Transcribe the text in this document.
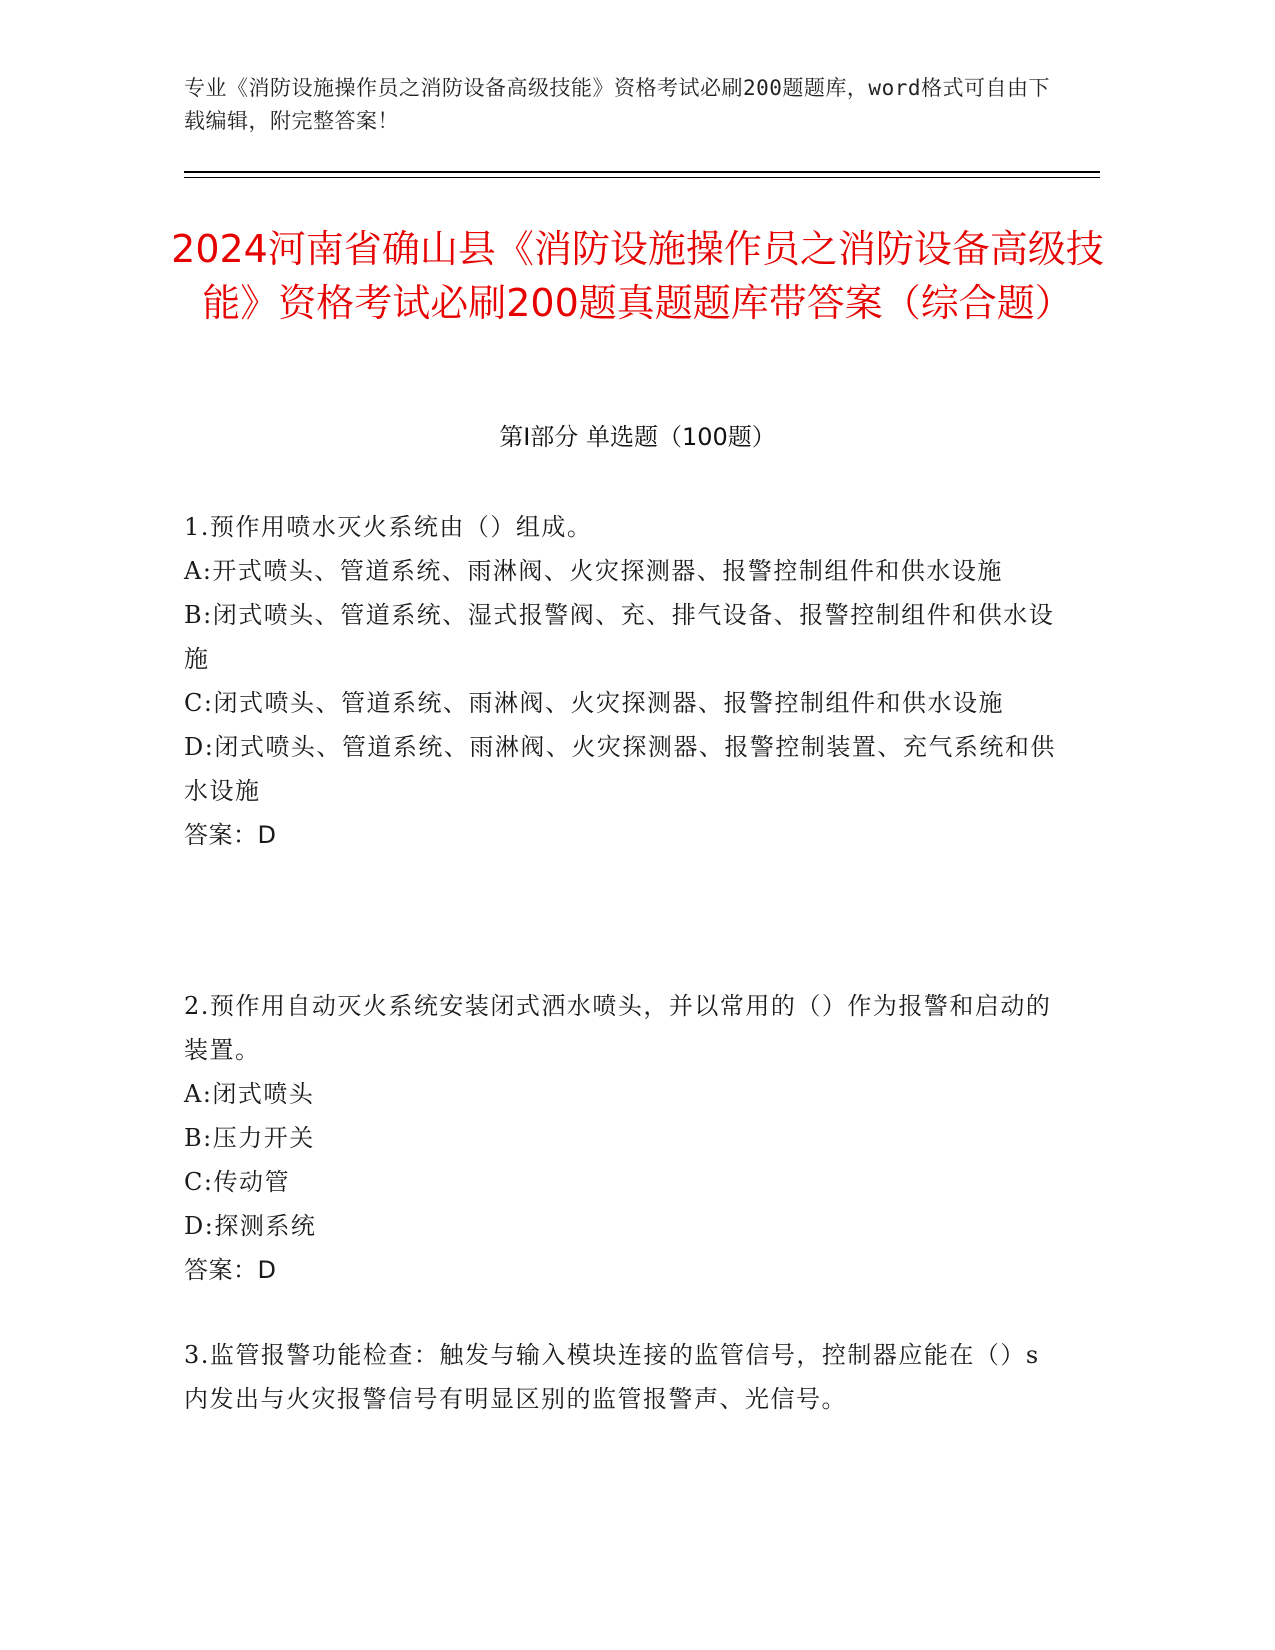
专业《消防设施操作员之消防设备高级技能》资格考试必刷200题题库，word格式可自由下载编辑，附完整答案！
2024河南省确山县《消防设施操作员之消防设备高级技能》资格考试必刷200题真题题库带答案（综合题）
第Ⅰ部分 单选题（100题）

1.预作用喷水灭火系统由（）组成。

A:开式喷头、管道系统、雨淋阀、火灾探测器、报警控制组件和供水设施

B:闭式喷头、管道系统、湿式报警阀、充、排气设备、报警控制组件和供水设施

C:闭式喷头、管道系统、雨淋阀、火灾探测器、报警控制组件和供水设施

D:闭式喷头、管道系统、雨淋阀、火灾探测器、报警控制装置、充气系统和供水设施

答案：D

2.预作用自动灭火系统安装闭式洒水喷头，并以常用的（）作为报警和启动的装置。

A:闭式喷头

B:压力开关

C:传动管

D:探测系统

答案：D

3.监管报警功能检查：触发与输入模块连接的监管信号，控制器应能在（）s内发出与火灾报警信号有明显区别的监管报警声、光信号。
